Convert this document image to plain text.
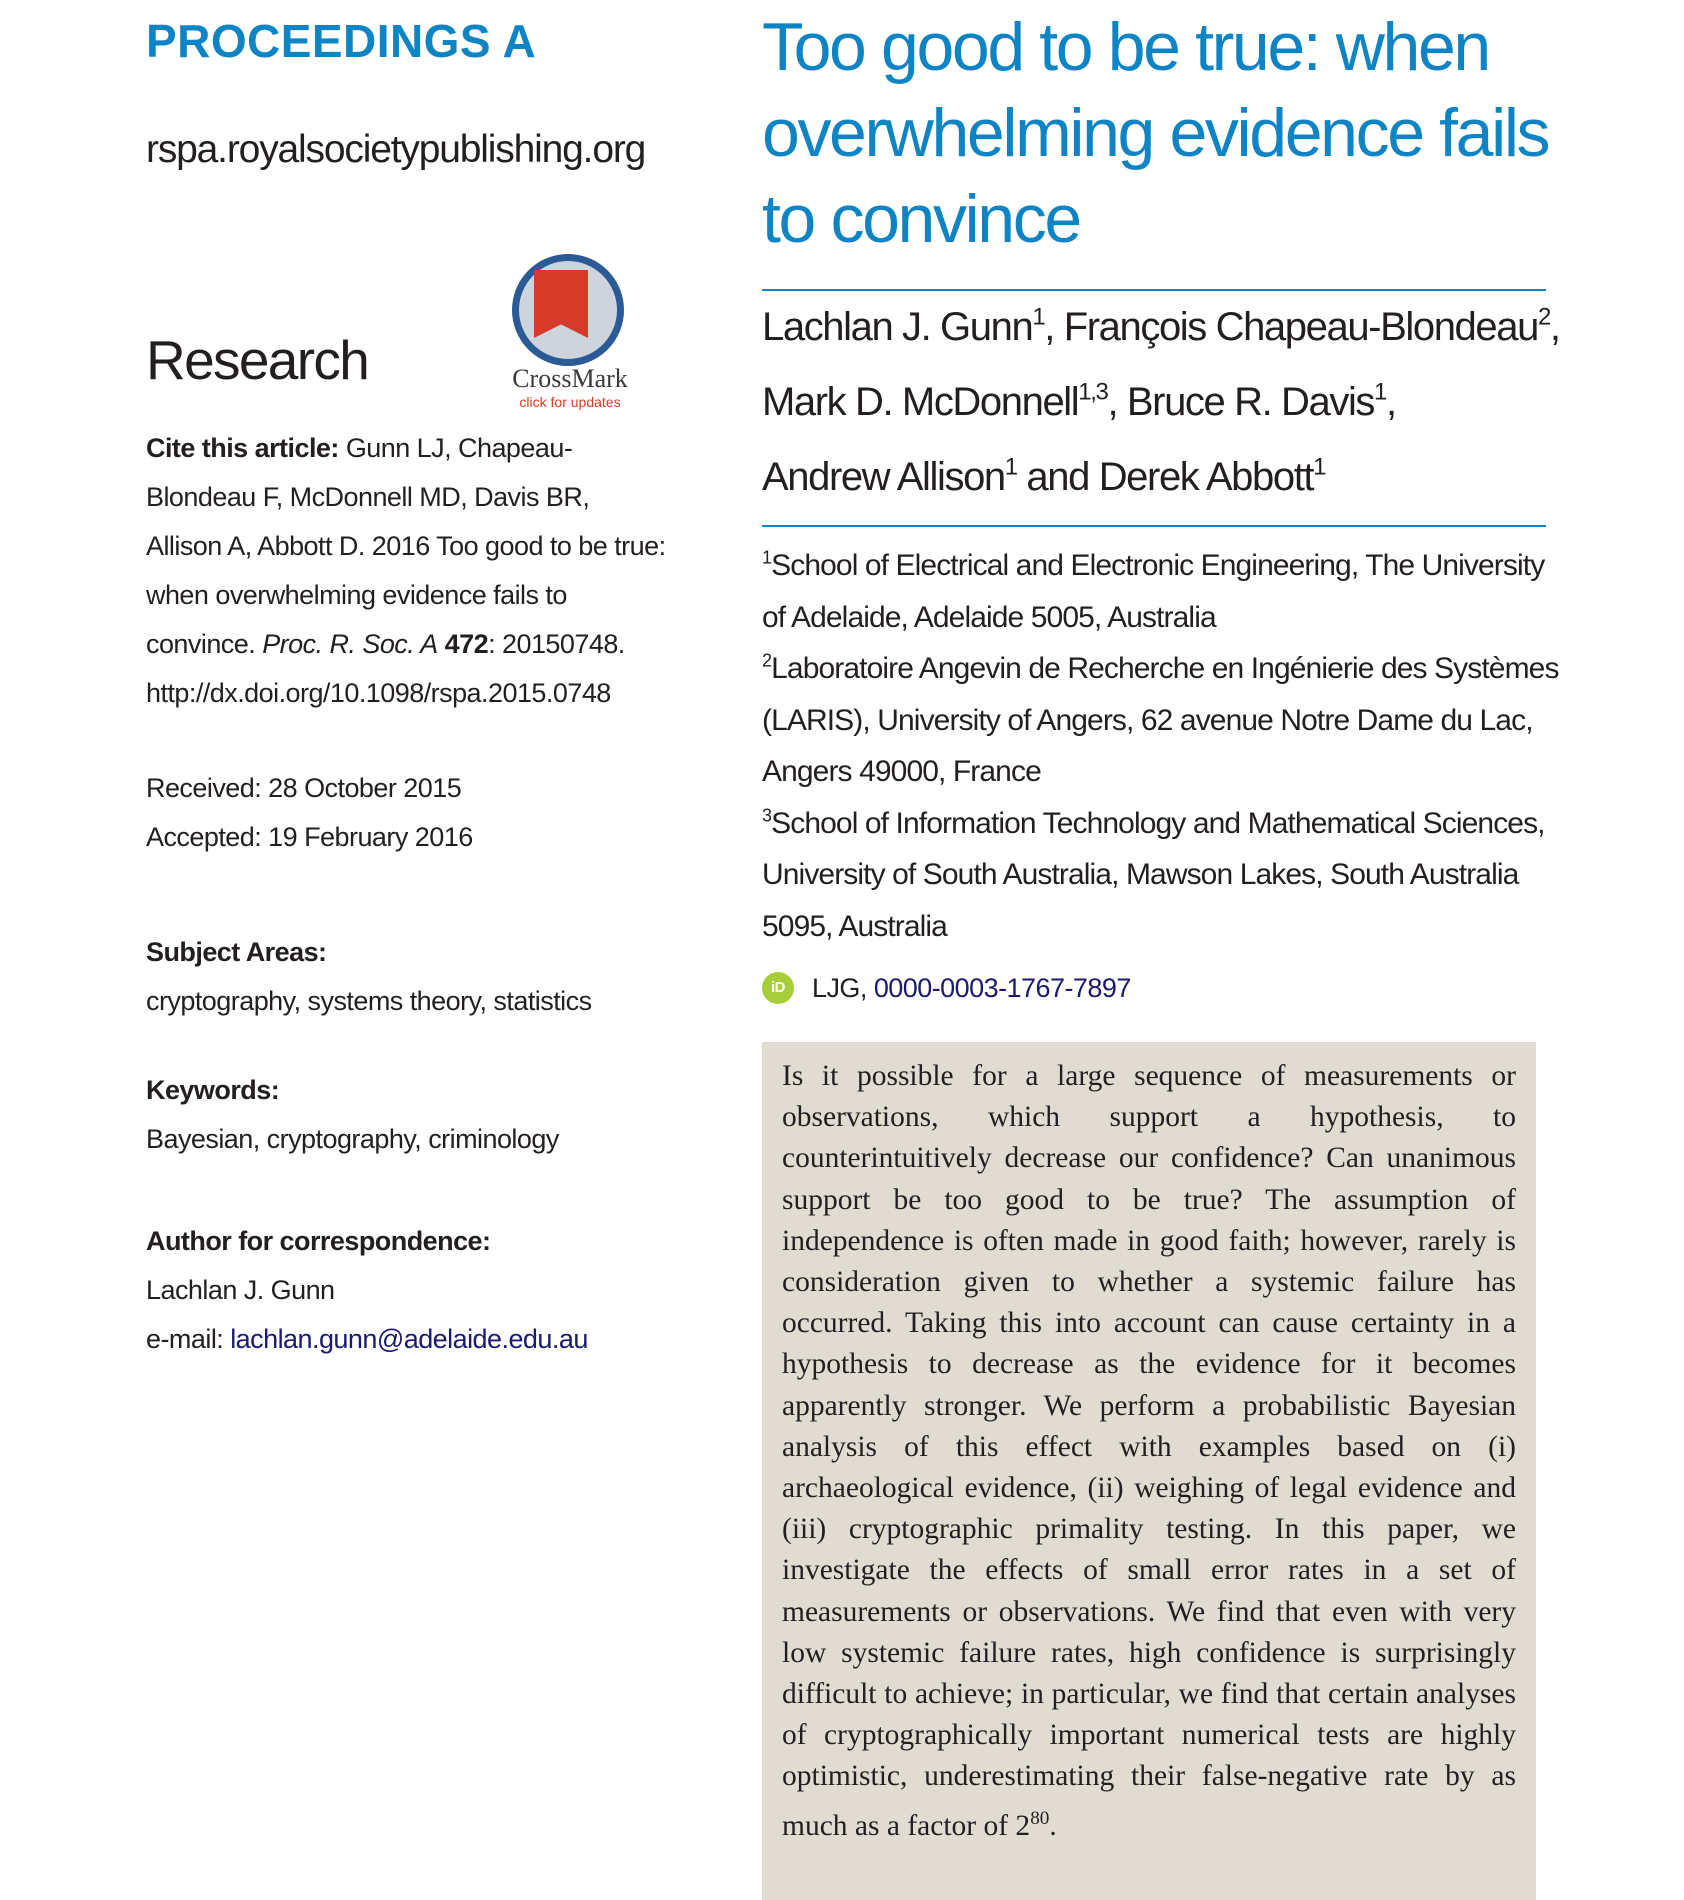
PROCEEDINGS A
rspa.royalsocietypublishing.org
Research	CrossMark
click for updates
Cite this article: Gunn LJ, Chapeau-Blondeau F, McDonnell MD, Davis BR, Allison A, Abbott D. 2016 Too good to be true: when overwhelming evidence fails to convince. Proc. R. Soc. A 472: 20150748. http://dx.doi.org/10.1098/rspa.2015.0748
Received: 28 October 2015
Accepted: 19 February 2016
Subject Areas:
cryptography, systems theory, statistics
Keywords:
Bayesian, cryptography, criminology
Author for correspondence:
Lachlan J. Gunn
e-mail: lachlan.gunn@adelaide.edu.au
Too good to be true: when overwhelming evidence fails to convince
Lachlan J. Gunn$^1$, François Chapeau-Blondeau$^2$,
Mark D. McDonnell$^{1,3}$, Bruce R. Davis$^1$,
Andrew Allison$^1$ and Derek Abbott$^1$
$^1$School of Electrical and Electronic Engineering, The University of Adelaide, Adelaide 5005, Australia
$^2$Laboratoire Angevin de Recherche en Ingénierie des Systèmes (LARIS), University of Angers, 62 avenue Notre Dame du Lac, Angers 49000, France
$^3$School of Information Technology and Mathematical Sciences, University of South Australia, Mawson Lakes, South Australia 5095, Australia
iD	LJG,
0000-0003-1767-7897
Is it possible for a large sequence of measurements or observations, which support a hypothesis, to counterintuitively decrease our confidence? Can unanimous support be too good to be true? The assumption of independence is often made in good faith; however, rarely is consideration given to whether a systemic failure has occurred. Taking this into account can cause certainty in a hypothesis to decrease as the evidence for it becomes apparently stronger. We perform a probabilistic Bayesian analysis of this effect with examples based on (i) archaeological evidence, (ii) weighing of legal evidence and (iii) cryptographic primality testing. In this paper, we investigate the effects of small error rates in a set of measurements or observations. We find that even with very low systemic failure rates, high confidence is surprisingly difficult to achieve; in particular, we find that certain analyses of cryptographically important numerical tests are highly optimistic, underestimating their false-negative rate by as much as a factor of $2^{80}$.
